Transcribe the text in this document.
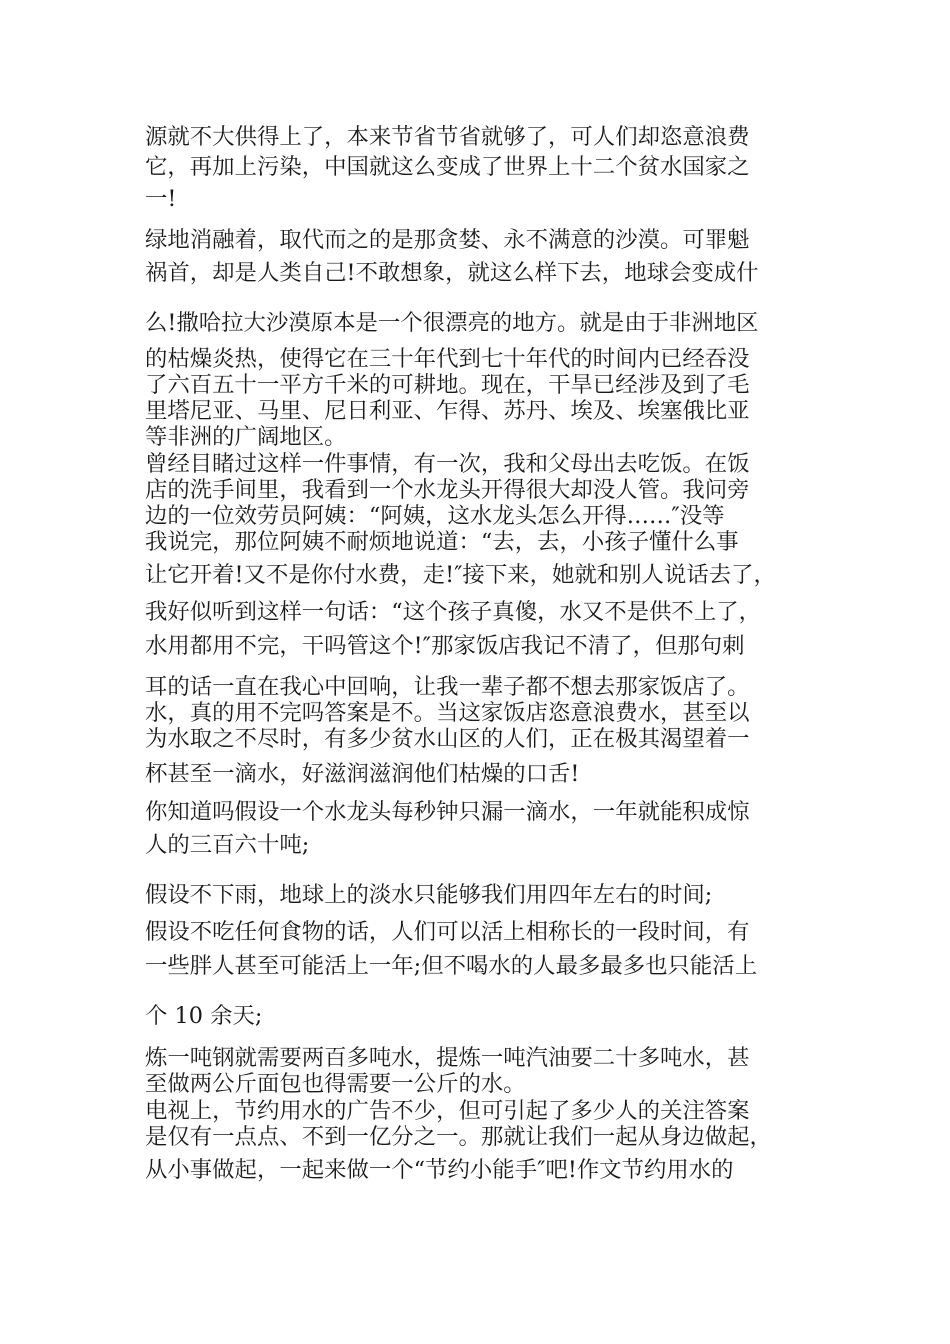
源就不大供得上了，本来节省节省就够了，可人们却恣意浪费

它，再加上污染，中国就这么变成了世界上十二个贫水国家之

一!

绿地消融着，取代而之的是那贪婪、永不满意的沙漠。可罪魁

祸首，却是人类自己!不敢想象，就这么样下去，地球会变成什

么!撒哈拉大沙漠原本是一个很漂亮的地方。就是由于非洲地区

的枯燥炎热，使得它在三十年代到七十年代的时间内已经吞没

了六百五十一平方千米的可耕地。现在，干旱已经涉及到了毛

里塔尼亚、马里、尼日利亚、乍得、苏丹、埃及、埃塞俄比亚

等非洲的广阔地区。

曾经目睹过这样一件事情，有一次，我和父母出去吃饭。在饭

店的洗手间里，我看到一个水龙头开得很大却没人管。我问旁

边的一位效劳员阿姨：“阿姨，这水龙头怎么开得……″没等

我说完，那位阿姨不耐烦地说道：“去，去，小孩子懂什么事

让它开着!又不是你付水费，走!″接下来，她就和别人说话去了，

我好似听到这样一句话：“这个孩子真傻，水又不是供不上了，

水用都用不完，干吗管这个!″那家饭店我记不清了，但那句刺

耳的话一直在我心中回响，让我一辈子都不想去那家饭店了。

水，真的用不完吗答案是不。当这家饭店恣意浪费水，甚至以

为水取之不尽时，有多少贫水山区的人们，正在极其渴望着一

杯甚至一滴水，好滋润滋润他们枯燥的口舌!

你知道吗假设一个水龙头每秒钟只漏一滴水，一年就能积成惊

人的三百六十吨;

假设不下雨，地球上的淡水只能够我们用四年左右的时间;

假设不吃任何食物的话，人们可以活上相称长的一段时间，有

一些胖人甚至可能活上一年;但不喝水的人最多最多也只能活上

个 10 余天;

炼一吨钢就需要两百多吨水，提炼一吨汽油要二十多吨水，甚

至做两公斤面包也得需要一公斤的水。

电视上，节约用水的广告不少，但可引起了多少人的关注答案

是仅有一点点、不到一亿分之一。那就让我们一起从身边做起，

从小事做起，一起来做一个“节约小能手″吧!作文节约用水的
